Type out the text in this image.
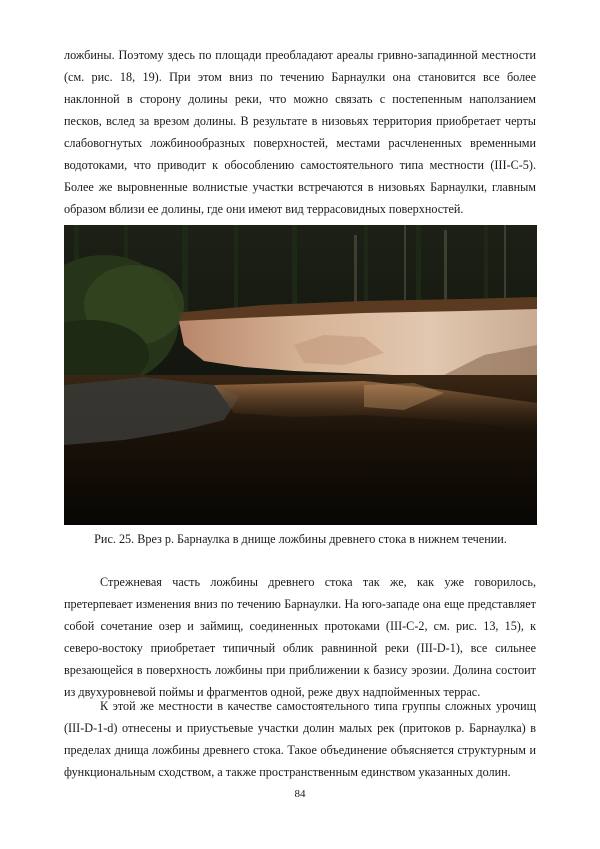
ложбины. Поэтому здесь по площади преобладают ареалы гривно-западинной местности (см. рис. 18, 19). При этом вниз по течению Барнаулки она становится все более наклонной в сторону долины реки, что можно связать с постепенным наползанием песков, вслед за врезом долины. В результате в низовьях территория приобретает черты слабовогнутых ложбинообразных поверхностей, местами расчлененных временными водотоками, что приводит к обособлению самостоятельного типа местности (III-C-5). Более же выровненные волнистые участки встречаются в низовьях Барнаулки, главным образом вблизи ее долины, где они имеют вид террасовидных поверхностей.

Рис. 25. Врез р. Барнаулка в днище ложбины древнего стока в нижнем течении.

Стрежневая часть ложбины древнего стока так же, как уже говорилось, претерпевает изменения вниз по течению Барнаулки. На юго-западе она еще представляет собой сочетание озер и займищ, соединенных протоками (III-C-2, см. рис. 13, 15), к северо-востоку приобретает типичный облик равнинной реки (III-D-1), все сильнее врезающейся в поверхность ложбины при приближении к базису эрозии. Долина состоит из двухуровневой поймы и фрагментов одной, реже двух надпойменных террас.

К этой же местности в качестве самостоятельного типа группы сложных урочищ (III-D-1-d) отнесены и приустьевые участки долин малых рек (притоков р. Барнаулка) в пределах днища ложбины древнего стока. Такое объединение объясняется структурным и функциональным сходством, а также пространственным единством указанных долин.

84
